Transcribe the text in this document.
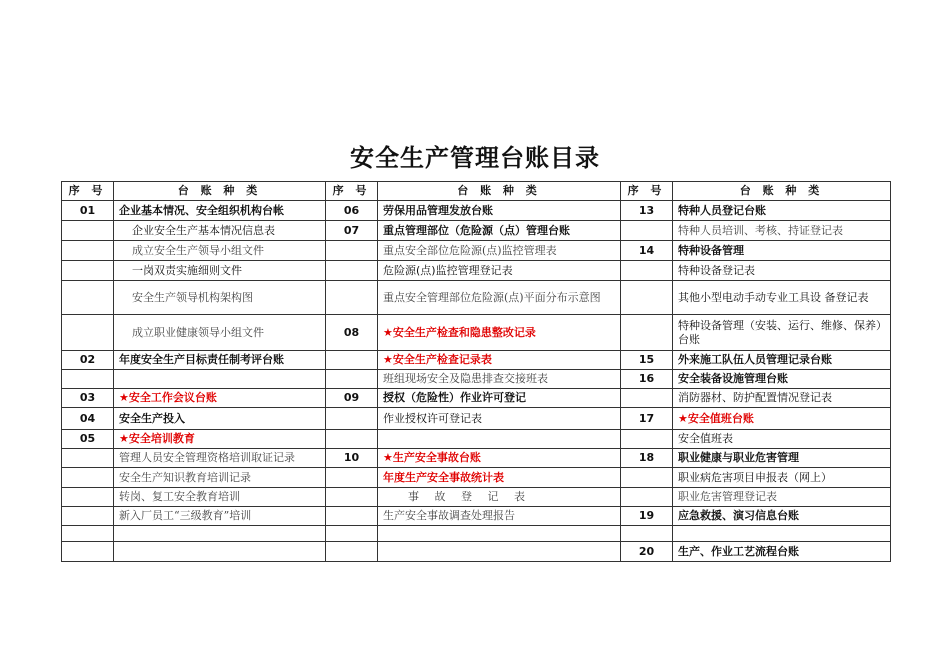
安全生产管理台账目录
序 号	台 账 种 类	序 号	台 账 种 类	序 号	台 账 种 类
01	企业基本情况、安全组织机构台帐	06	劳保用品管理发放台账	13	特种人员登记台账
	企业安全生产基本情况信息表	07	重点管理部位（危险源（点）管理台账		特种人员培训、考核、持证登记表
	成立安全生产领导小组文件		重点安全部位危险源(点)监控管理表	14	特种设备管理
	一岗双责实施细则文件		危险源(点)监控管理登记表		特种设备登记表
	安全生产领导机构架构图		重点安全管理部位危险源(点)平面分布示意图		其他小型电动手动专业工具设 备登记表
	成立职业健康领导小组文件	08	★安全生产检查和隐患整改记录		特种设备管理（安装、运行、维修、保养）台账
02	年度安全生产目标责任制考评台账		★安全生产检查记录表	15	外来施工队伍人员管理记录台账
			班组现场安全及隐患排查交接班表	16	安全装备设施管理台账
03	★安全工作会议台账	09	授权（危险性）作业许可登记		消防器材、防护配置情况登记表
04	安全生产投入		作业授权许可登记表	17	★安全值班台账
05	★安全培训教育				安全值班表
	管理人员安全管理资格培训取证记录	10	★生产安全事故台账	18	职业健康与职业危害管理
	安全生产知识教育培训记录		年度生产安全事故统计表		职业病危害项目申报表（网上）
	转岗、复工安全教育培训		事 故 登 记 表		职业危害管理登记表
	新入厂员工“三级教育”培训		生产安全事故调查处理报告	19	应急救援、演习信息台账

				20	生产、作业工艺流程台账
